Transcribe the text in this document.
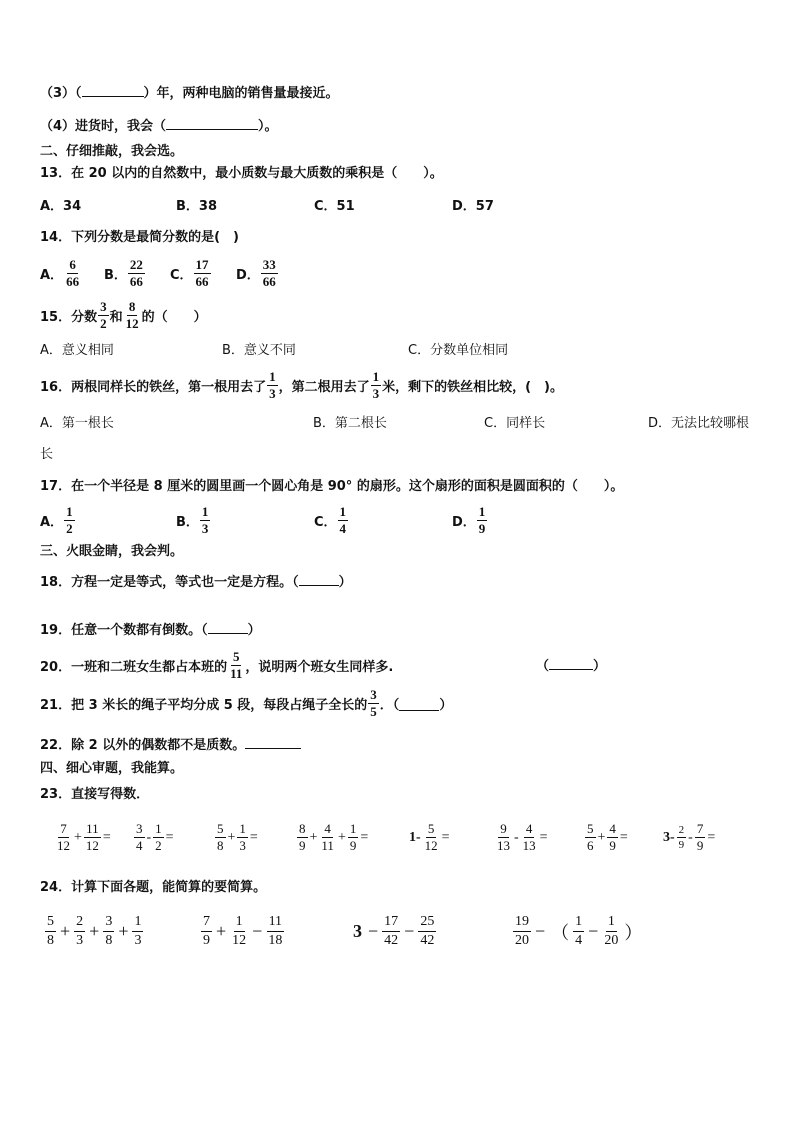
（3）（	）年，两种电脑的销售量最接近。
（4）进货时，我会（	）。
二、仔细推敲，我会选。
13．在 20 以内的自然数中，最小质数与最大质数的乘积是（　　）。
A．34	B．38	C．51	D．57
14．下列分数是最简分数的是(　)
A． $\frac{6}{66}$ B． $\frac{22}{66}$ C． $\frac{17}{66}$ D． $\frac{33}{66}$
15．分数 $\frac{3}{2}$ 和 $\frac{8}{12}$ 的（　　）
A．意义相同	B．意义不同	C．分数单位相同
16．两根同样长的铁丝，第一根用去了 $\frac{1}{3}$ ，第二根用去了 $\frac{1}{3}$ 米，剩下的铁丝相比较，(　)。
A．第一根长	B．第二根长	C．同样长	D．无法比较哪根
长
17．在一个半径是 8 厘米的圆里画一个圆心角是 90° 的扇形。这个扇形的面积是圆面积的（　　）。
A． $\frac{1}{2}$	B． $\frac{1}{3}$	C． $\frac{1}{4}$	D． $\frac{1}{9}$
三、火眼金睛，我会判。
18．方程一定是等式，等式也一定是方程。（	）
19．任意一个数都有倒数。（	）
20．一班和二班女生都占本班的 $\frac{5}{11}$ ，说明两个班女生同样多.	（	）
21．把 3 米长的绳子平均分成 5 段，每段占绳子全长的 $\frac{3}{5}$ ．（	）
22．除 2 以外的偶数都不是质数。
四、细心审题，我能算。
23．直接写得数．
$\frac{7}{12} + \frac{11}{12} = \frac{3}{4} - \frac{1}{2}$ =	$\frac{5}{8} + \frac{1}{3}$ =	$\frac{8}{9} + \frac{4}{11} + \frac{1}{9}$ =	$1- \frac{5}{12}$ =	$\frac{9}{13} - \frac{4}{13}$ =	$\frac{5}{6} + \frac{4}{9}$ =	$3- \frac{2}{9} - \frac{7}{9}$ =
24．计算下面各题，能简算的要简算。
$\frac{5}{8} + \frac{2}{3} + \frac{3}{8} + \frac{1}{3}$	$\frac{7}{9} + \frac{1}{12} - \frac{11}{18}$	$3 - \frac{17}{42} - \frac{25}{42}$	$\frac{19}{20}$ − （ $\frac{1}{4} - \frac{1}{20}$ ）
